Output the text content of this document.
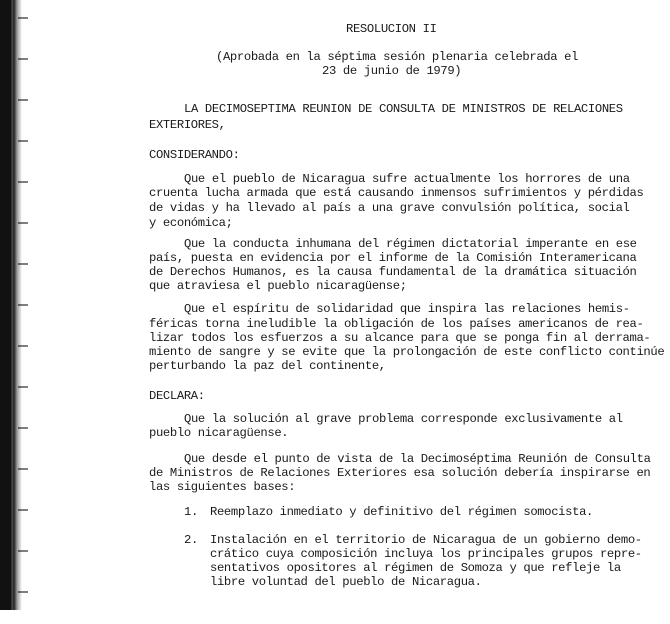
RESOLUCION II
(Aprobada en la séptima sesión plenaria celebrada el
23 de junio de 1979)
LA DECIMOSEPTIMA REUNION DE CONSULTA DE MINISTROS DE RELACIONES
EXTERIORES,
CONSIDERANDO:
Que el pueblo de Nicaragua sufre actualmente los horrores de una
cruenta lucha armada que está causando inmensos sufrimientos y pérdidas
de vidas y ha llevado al país a una grave convulsión política, social
y económica;
Que la conducta inhumana del régimen dictatorial imperante en ese
país, puesta en evidencia por el informe de la Comisión Interamericana
de Derechos Humanos, es la causa fundamental de la dramática situación
que atraviesa el pueblo nicaragüense;
Que el espíritu de solidaridad que inspira las relaciones hemis-
féricas torna ineludible la obligación de los países americanos de rea-
lizar todos los esfuerzos a su alcance para que se ponga fin al derrama-
miento de sangre y se evite que la prolongación de este conflicto continúe
perturbando la paz del continente,
DECLARA:
Que la solución al grave problema corresponde exclusivamente al
pueblo nicaragüense.
Que desde el punto de vista de la Decimoséptima Reunión de Consulta
de Ministros de Relaciones Exteriores esa solución debería inspirarse en
las siguientes bases:
1. Reemplazo inmediato y definitivo del régimen somocista.
2. Instalación en el territorio de Nicaragua de un gobierno demo-
crático cuya composición incluya los principales grupos repre-
sentativos opositores al régimen de Somoza y que refleje la
libre voluntad del pueblo de Nicaragua.
